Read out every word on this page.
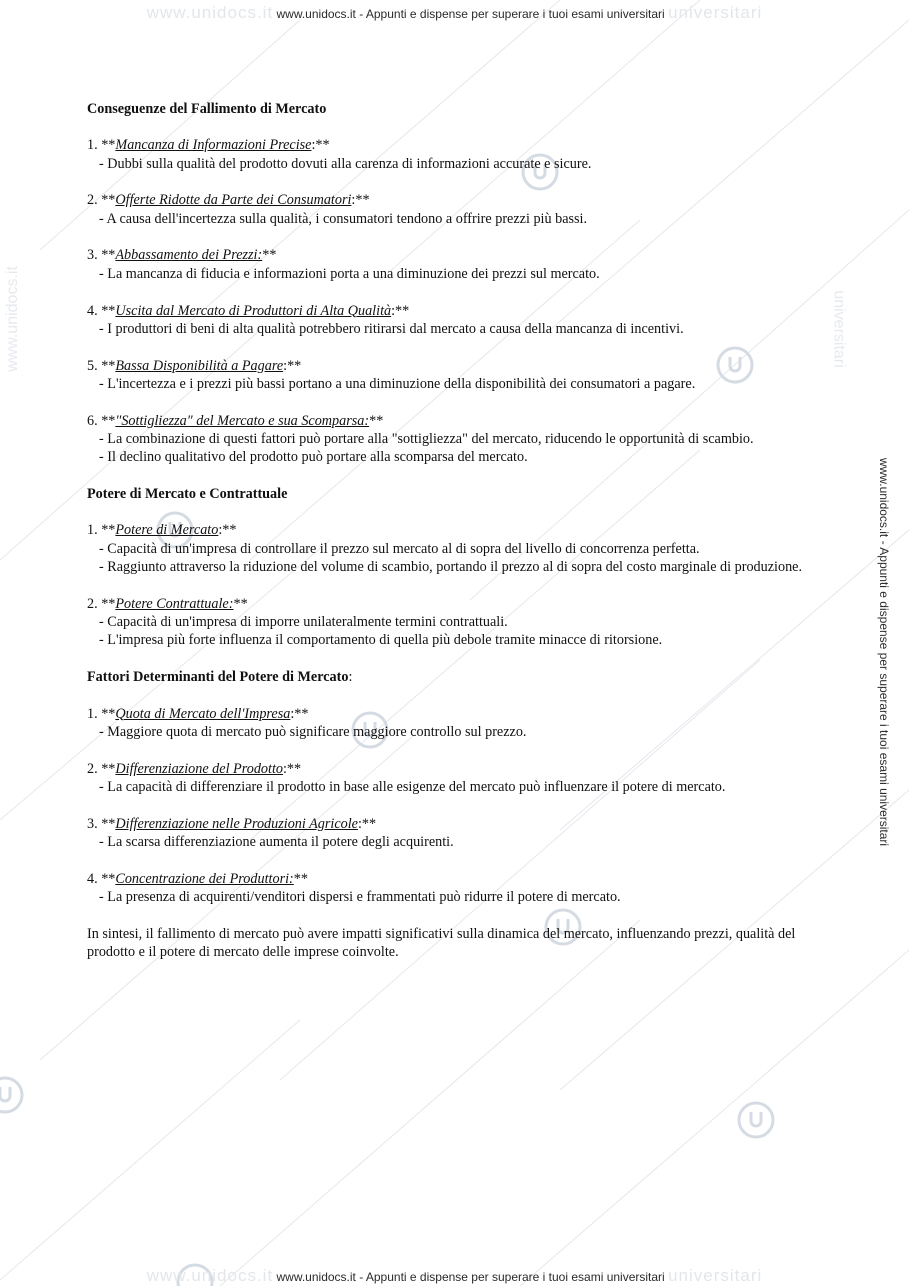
www.unidocs.it www.unidocs.it - Appunti e dispense per superare i tuoi esami universitari universitari
www.unidocs.it www.unidocs.it - Appunti e dispense per superare i tuoi esami universitari universitari
www.unidocs.it - Appunti e dispense per superare i tuoi esami universitari
www.unidocs.it	universitari
Conseguenze del Fallimento di Mercato
1. **Mancanza di Informazioni Precise:**
- Dubbi sulla qualità del prodotto dovuti alla carenza di informazioni accurate e sicure.
2. **Offerte Ridotte da Parte dei Consumatori:**
- A causa dell'incertezza sulla qualità, i consumatori tendono a offrire prezzi più bassi.
3. **Abbassamento dei Prezzi:**
- La mancanza di fiducia e informazioni porta a una diminuzione dei prezzi sul mercato.
4. **Uscita dal Mercato di Produttori di Alta Qualità:**
- I produttori di beni di alta qualità potrebbero ritirarsi dal mercato a causa della mancanza di incentivi.
5. **Bassa Disponibilità a Pagare:**
- L'incertezza e i prezzi più bassi portano a una diminuzione della disponibilità dei consumatori a pagare.
6. **"Sottigliezza" del Mercato e sua Scomparsa:**
- La combinazione di questi fattori può portare alla "sottigliezza" del mercato, riducendo le opportunità di scambio.
- Il declino qualitativo del prodotto può portare alla scomparsa del mercato.
Potere di Mercato e Contrattuale
1. **Potere di Mercato:**
- Capacità di un'impresa di controllare il prezzo sul mercato al di sopra del livello di concorrenza perfetta.
- Raggiunto attraverso la riduzione del volume di scambio, portando il prezzo al di sopra del costo marginale di produzione.
2. **Potere Contrattuale:**
- Capacità di un'impresa di imporre unilateralmente termini contrattuali.
- L'impresa più forte influenza il comportamento di quella più debole tramite minacce di ritorsione.
Fattori Determinanti del Potere di Mercato:
1. **Quota di Mercato dell'Impresa:**
- Maggiore quota di mercato può significare maggiore controllo sul prezzo.
2. **Differenziazione del Prodotto:**
- La capacità di differenziare il prodotto in base alle esigenze del mercato può influenzare il potere di mercato.
3. **Differenziazione nelle Produzioni Agricole:**
- La scarsa differenziazione aumenta il potere degli acquirenti.
4. **Concentrazione dei Produttori:**
- La presenza di acquirenti/venditori dispersi e frammentati può ridurre il potere di mercato.

In sintesi, il fallimento di mercato può avere impatti significativi sulla dinamica del mercato, influenzando prezzi, qualità del prodotto e il potere di mercato delle imprese coinvolte.
